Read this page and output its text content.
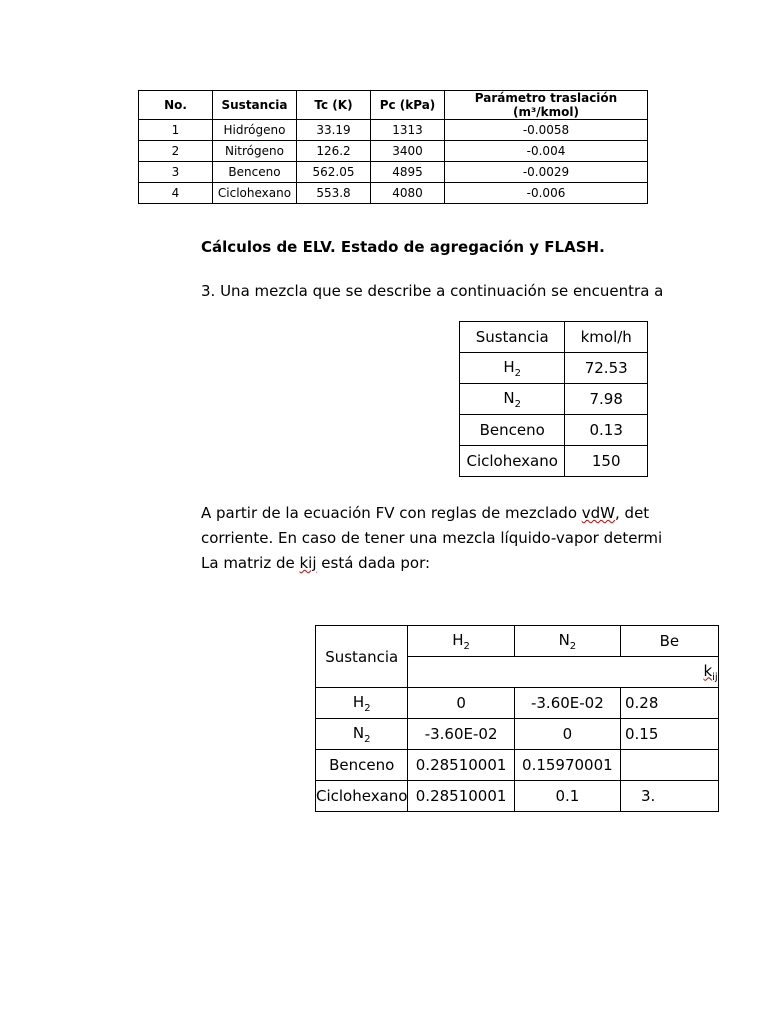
No.	Sustancia	Tc (K)	Pc (kPa)	Parámetro traslación (m³/kmol)
1	Hidrógeno	33.19	1313	-0.0058
2	Nitrógeno	126.2	3400	-0.004
3	Benceno	562.05	4895	-0.0029
4	Ciclohexano	553.8	4080	-0.006
Cálculos de ELV. Estado de agregación y FLASH.
3. Una mezcla que se describe a continuación se encuentra a
Sustancia	kmol/h
$H_2$	72.53
$N_2$	7.98
Benceno	0.13
Ciclohexano	150
A partir de la ecuación FV con reglas de mezclado vdW, det
corriente. En caso de tener una mezcla líquido-vapor determi
La matriz de kij está dada por:
Sustancia	$H_2$	$N_2$	Be
	$k_{ij}$
$H_2$	0	-3.60E-02	0.28
$N_2$	-3.60E-02	0	0.15
Benceno	0.28510001	0.15970001	
Ciclohexano	0.28510001	0.1	3.
